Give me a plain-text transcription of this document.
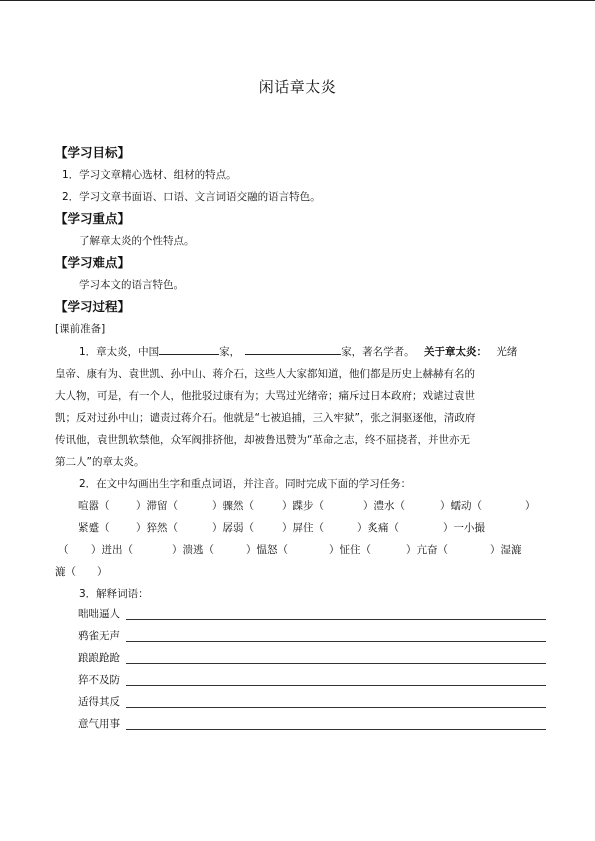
闲话章太炎
【学习目标】
1．学习文章精心选材、组材的特点。
2．学习文章书面语、口语、文言词语交融的语言特色。
【学习重点】
了解章太炎的个性特点。
【学习难点】
学习本文的语言特色。
【学习过程】
[课前准备]
1．章太炎，中国	家，	家，著名学者。 关于章太炎： 光绪
皇帝、康有为、袁世凯、孙中山、蒋介石，这些人大家都知道，他们都是历史上赫赫有名的
大人物，可是，有一个人，他批驳过康有为；大骂过光绪帝；痛斥过日本政府；戏谑过袁世
凯；反对过孙中山；谴责过蒋介石。他就是“七被追捕，三入牢狱”，张之洞驱逐他，清政府
传讯他，袁世凯软禁他，众军阀排挤他，却被鲁迅赞为“革命之志，终不屈挠者，并世亦无
第二人”的章太炎。
2．在文中勾画出生字和重点词语，并注音。同时完成下面的学习任务：
喧嚣（	）滞留（	）骤然（	）蹀步（	）澧水（	）蠕动（	）
紧蹙（	）猝然（	）孱弱（	）屏住（	）炙痛（	）一小撮
（ ）迸出（	）溃逃（	）愠怒（	）怔住（	）亢奋（	）湿漉
漉（　　）
3．解释词语：
咄咄逼人
鸦雀无声
踉踉跄跄
猝不及防
适得其反
意气用事
